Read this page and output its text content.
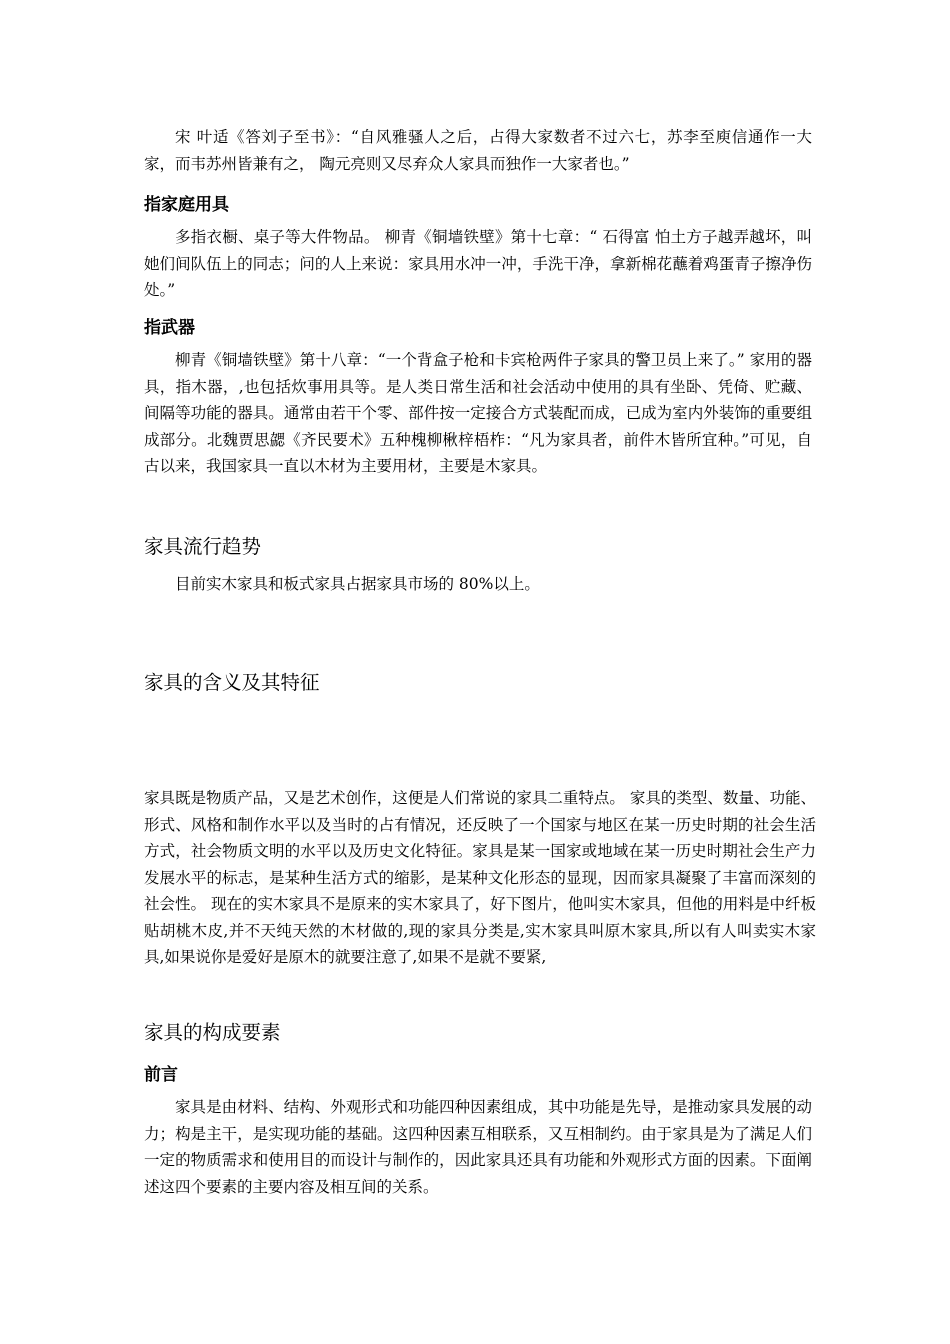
宋 叶适《答刘子至书》：“自风雅骚人之后，占得大家数者不过六七，苏李至庾信通作一大家，而韦苏州皆兼有之， 陶元亮则又尽弃众人家具而独作一大家者也。”

指家庭用具

多指衣橱、桌子等大件物品。 柳青《铜墙铁壁》第十七章：“ 石得富 怕土方子越弄越坏，叫她们间队伍上的同志；问的人上来说：家具用水冲一冲，手洗干净，拿新棉花蘸着鸡蛋青子擦净伤处。”

指武器

柳青《铜墙铁壁》第十八章：“一个背盒子枪和卡宾枪两件子家具的警卫员上来了。” 家用的器具，指木器，,也包括炊事用具等。是人类日常生活和社会活动中使用的具有坐卧、凭倚、贮藏、间隔等功能的器具。通常由若干个零、部件按一定接合方式装配而成，已成为室内外装饰的重要组成部分。北魏贾思勰《齐民要术》五种槐柳楸梓梧柞：“凡为家具者，前件木皆所宜种。”可见，自古以来，我国家具一直以木材为主要用材，主要是木家具。

家具流行趋势

目前实木家具和板式家具占据家具市场的 80%以上。

家具的含义及其特征

家具既是物质产品，又是艺术创作，这便是人们常说的家具二重特点。 家具的类型、数量、功能、形式、风格和制作水平以及当时的占有情况，还反映了一个国家与地区在某一历史时期的社会生活方式，社会物质文明的水平以及历史文化特征。家具是某一国家或地域在某一历史时期社会生产力发展水平的标志，是某种生活方式的缩影，是某种文化形态的显现，因而家具凝聚了丰富而深刻的社会性。 现在的实木家具不是原来的实木家具了，好下图片，他叫实木家具，但他的用料是中纤板贴胡桃木皮,并不天纯天然的木材做的,现的家具分类是,实木家具叫原木家具,所以有人叫卖实木家具,如果说你是爱好是原木的就要注意了,如果不是就不要紧,

家具的构成要素
前言

家具是由材料、结构、外观形式和功能四种因素组成，其中功能是先导，是推动家具发展的动力；构是主干，是实现功能的基础。这四种因素互相联系，又互相制约。由于家具是为了满足人们一定的物质需求和使用目的而设计与制作的，因此家具还具有功能和外观形式方面的因素。下面阐述这四个要素的主要内容及相互间的关系。
